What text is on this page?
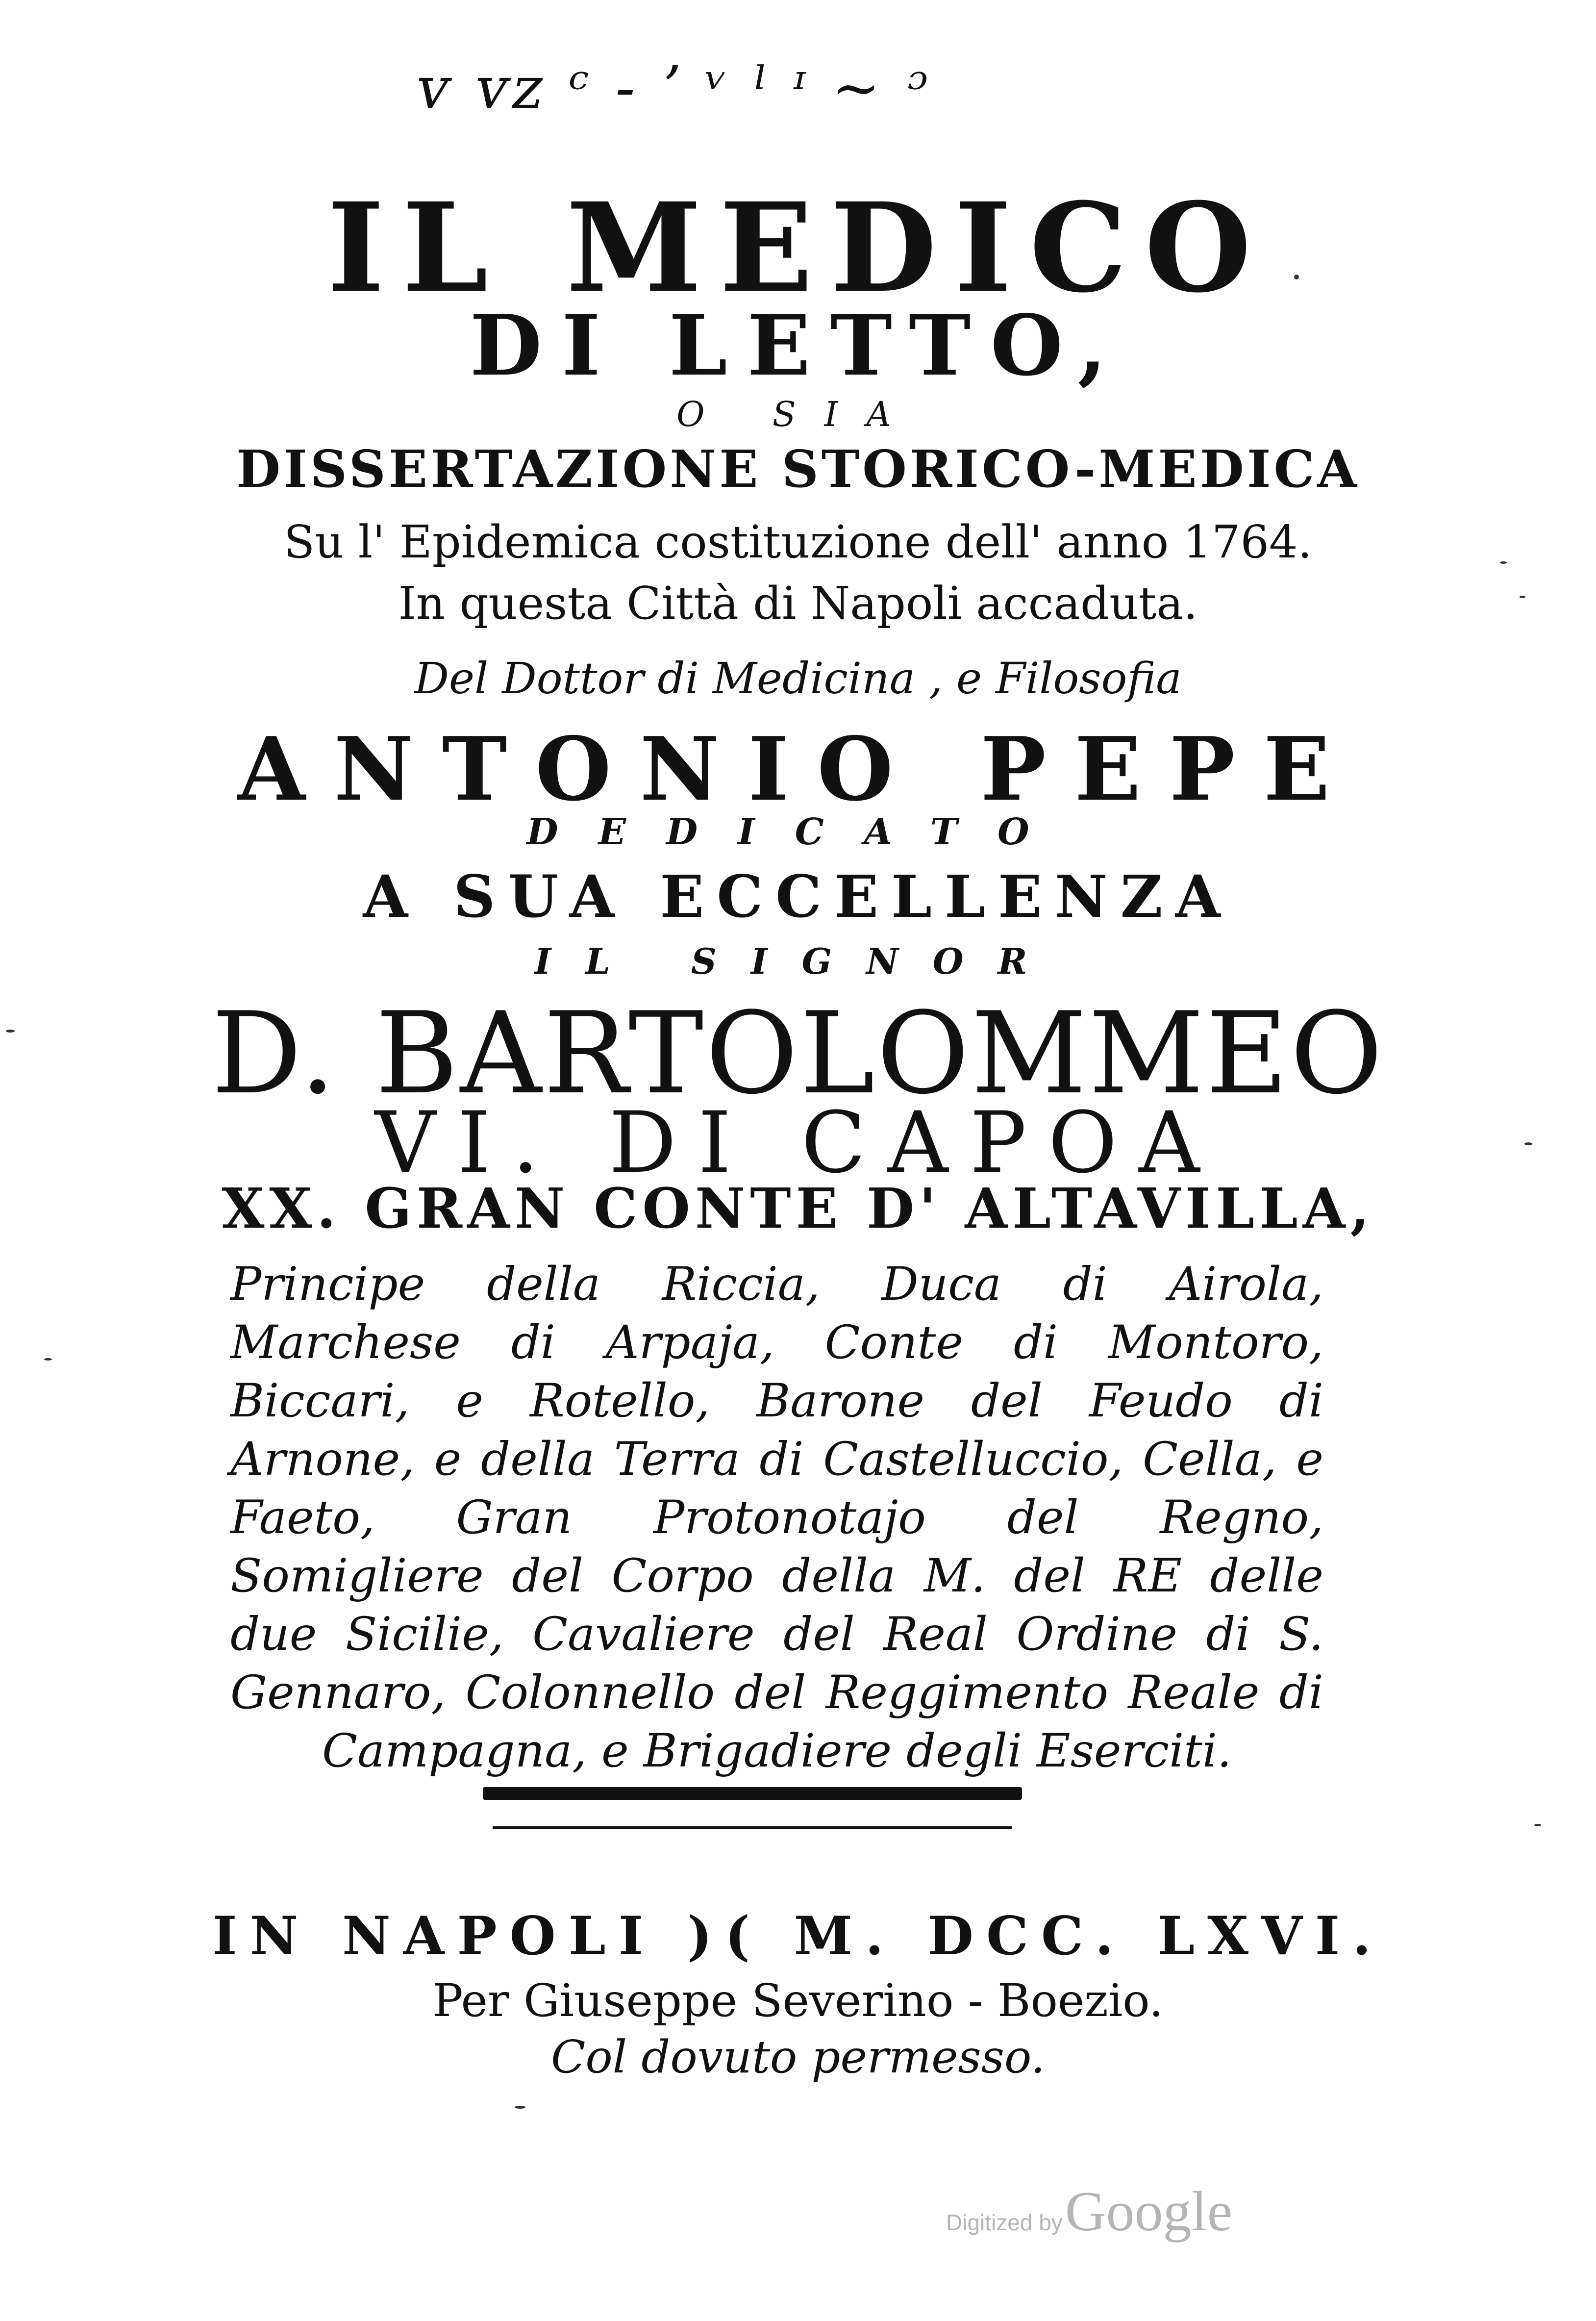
ᴠ ᴠᴢ ᶜ - ʼ ᵛ ˡ ᶦ ∼ ᵓ
IL MEDICO
DI LETTO,
O SIA
DISSERTAZIONE STORICO-MEDICA
Su l' Epidemica costituzione dell' anno 1764.
In questa Città di Napoli accaduta.
Del Dottor di Medicina , e Filosofia
ANTONIO PEPE
DEDICATO
A SUA ECCELLENZA
IL SIGNOR
D. BARTOLOMMEO
VI. DI CAPOA
XX. GRAN CONTE D' ALTAVILLA,
Principe della Riccia, Duca di Airola, Marchese di Arpaja, Conte di Montoro, Biccari, e Rotello, Barone del Feudo di Arnone, e della Terra di Castelluccio, Cella, e Faeto, Gran Protonotajo del Regno, Somigliere del Corpo della M. del RE delle due Sicilie, Cavaliere del Real Ordine di S. Gennaro, Colonnello del Reggimento Reale di Campagna, e Brigadiere degli Eserciti.
IN NAPOLI )( M. DCC. LXVI.
Per Giuseppe Severino - Boezio.
Col dovuto permesso.
Digitized by Google
